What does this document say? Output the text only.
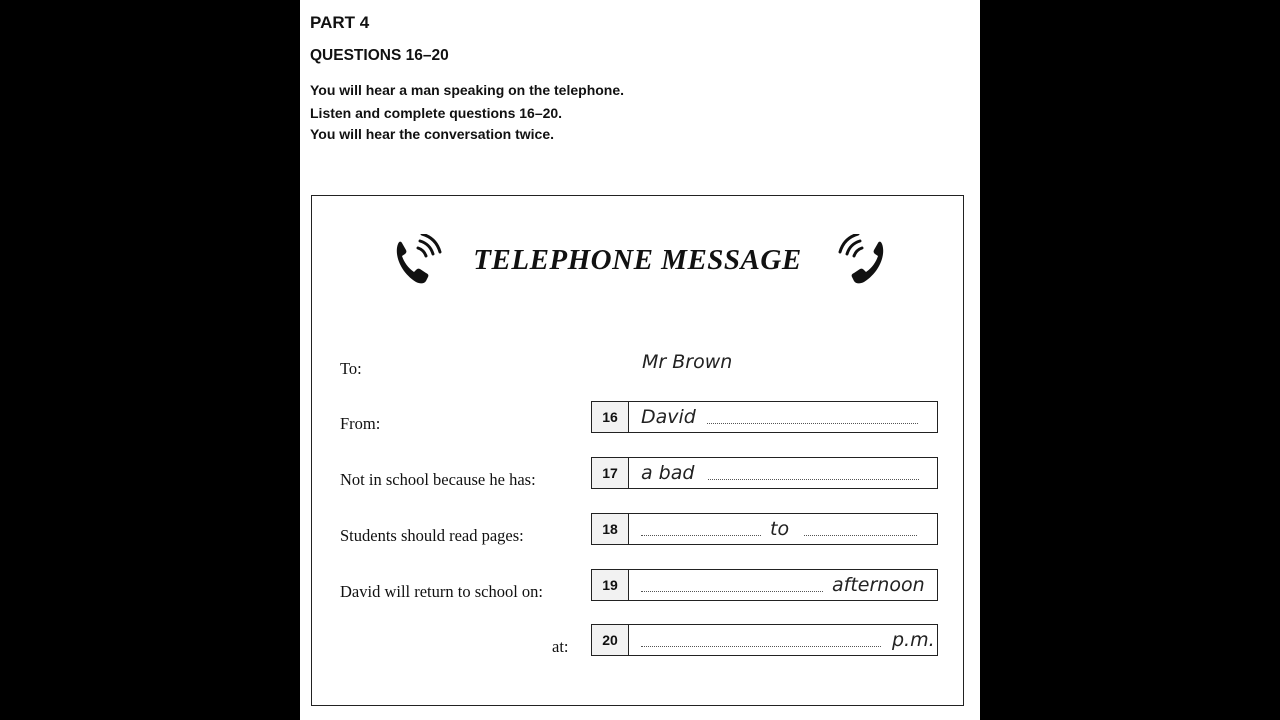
PART 4
QUESTIONS 16–20
You will hear a man speaking on the telephone.
Listen and complete questions 16–20.
You will hear the conversation twice.
TELEPHONE MESSAGE
To:	Mr Brown
From:	16	David
Not in school because he has:	17	a bad
Students should read pages:	18	to
David will return to school on:	19	afternoon
at:	20	p.m.
